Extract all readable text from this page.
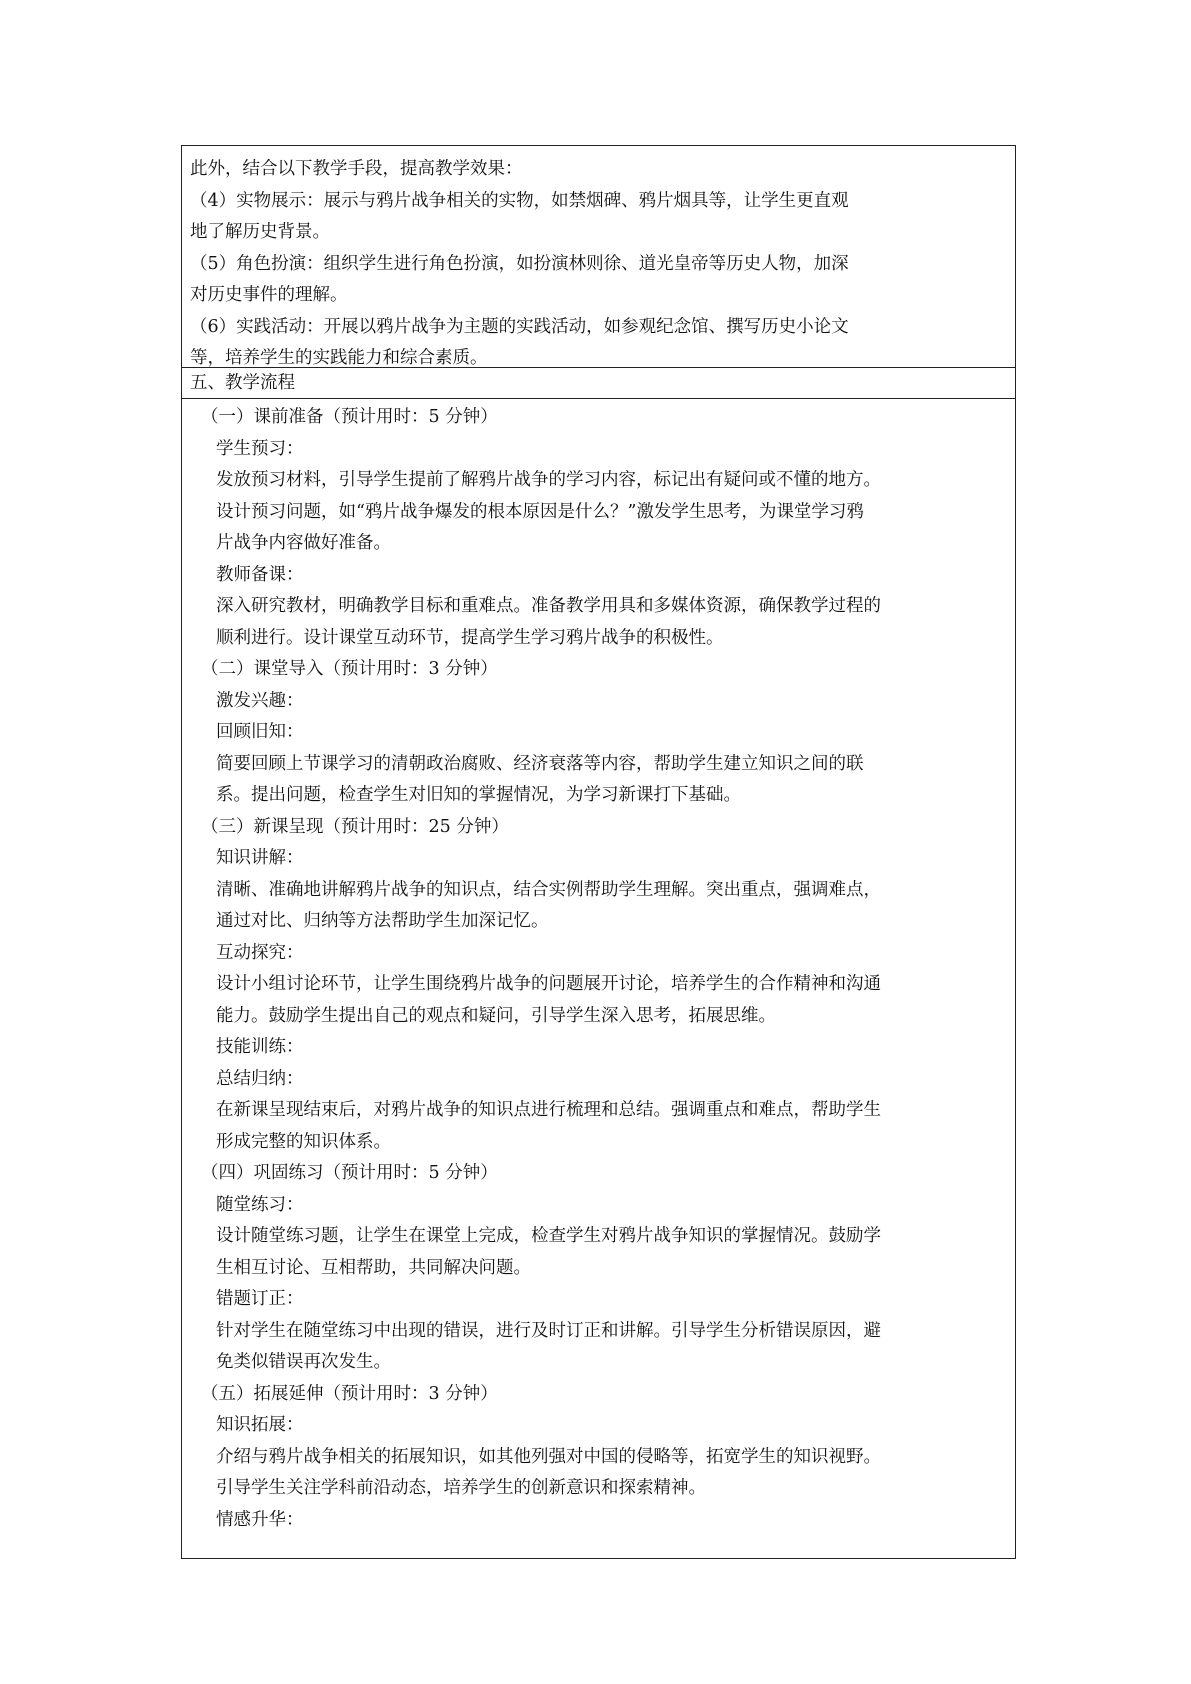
此外，结合以下教学手段，提高教学效果：
（4）实物展示：展示与鸦片战争相关的实物，如禁烟碑、鸦片烟具等，让学生更直观
地了解历史背景。
（5）角色扮演：组织学生进行角色扮演，如扮演林则徐、道光皇帝等历史人物，加深
对历史事件的理解。
（6）实践活动：开展以鸦片战争为主题的实践活动，如参观纪念馆、撰写历史小论文
等，培养学生的实践能力和综合素质。
五、教学流程
（一）课前准备（预计用时：5 分钟）
学生预习：
发放预习材料，引导学生提前了解鸦片战争的学习内容，标记出有疑问或不懂的地方。
设计预习问题，如“鸦片战争爆发的根本原因是什么？”激发学生思考，为课堂学习鸦
片战争内容做好准备。
教师备课：
深入研究教材，明确教学目标和重难点。准备教学用具和多媒体资源，确保教学过程的
顺利进行。设计课堂互动环节，提高学生学习鸦片战争的积极性。
（二）课堂导入（预计用时：3 分钟）
激发兴趣：
回顾旧知：
简要回顾上节课学习的清朝政治腐败、经济衰落等内容，帮助学生建立知识之间的联
系。提出问题，检查学生对旧知的掌握情况，为学习新课打下基础。
（三）新课呈现（预计用时：25 分钟）
知识讲解：
清晰、准确地讲解鸦片战争的知识点，结合实例帮助学生理解。突出重点，强调难点，
通过对比、归纳等方法帮助学生加深记忆。
互动探究：
设计小组讨论环节，让学生围绕鸦片战争的问题展开讨论，培养学生的合作精神和沟通
能力。鼓励学生提出自己的观点和疑问，引导学生深入思考，拓展思维。
技能训练：
总结归纳：
在新课呈现结束后，对鸦片战争的知识点进行梳理和总结。强调重点和难点，帮助学生
形成完整的知识体系。
（四）巩固练习（预计用时：5 分钟）
随堂练习：
设计随堂练习题，让学生在课堂上完成，检查学生对鸦片战争知识的掌握情况。鼓励学
生相互讨论、互相帮助，共同解决问题。
错题订正：
针对学生在随堂练习中出现的错误，进行及时订正和讲解。引导学生分析错误原因，避
免类似错误再次发生。
（五）拓展延伸（预计用时：3 分钟）
知识拓展：
介绍与鸦片战争相关的拓展知识，如其他列强对中国的侵略等，拓宽学生的知识视野。
引导学生关注学科前沿动态，培养学生的创新意识和探索精神。
情感升华：
